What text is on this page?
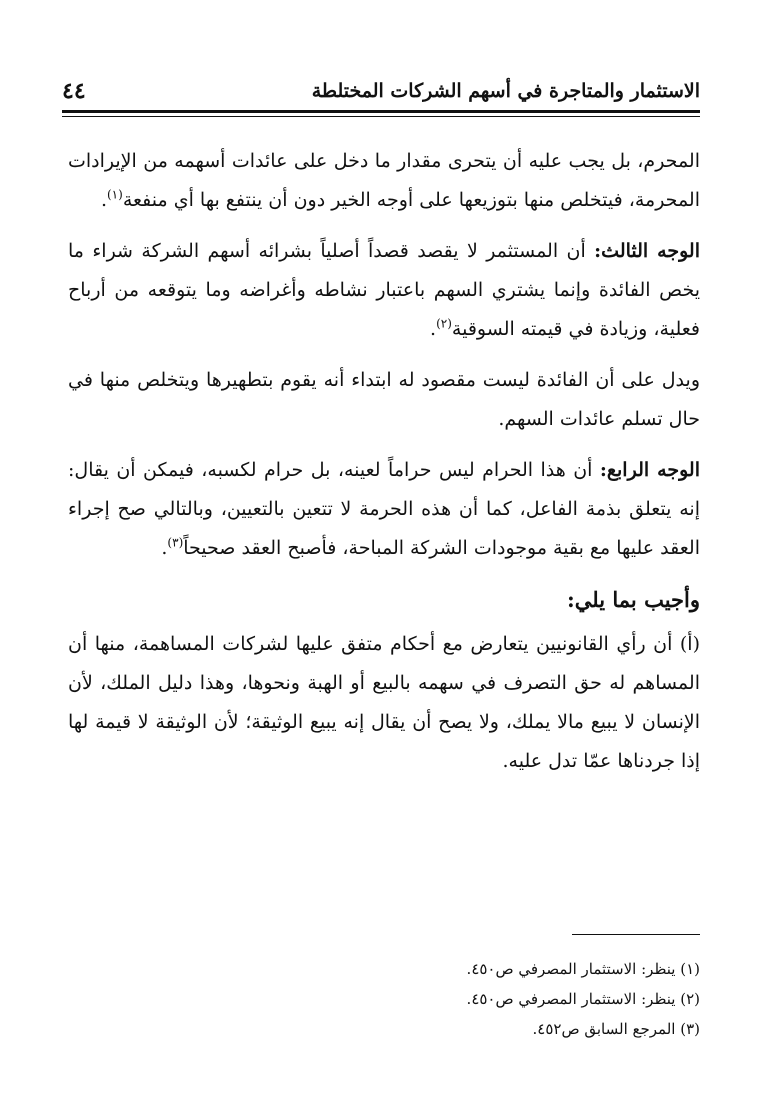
الاستثمار والمتاجرة في أسهم الشركات المختلطة
٤٤

المحرم، بل يجب عليه أن يتحرى مقدار ما دخل على عائدات أسهمه من الإيرادات المحرمة، فيتخلص منها بتوزيعها على أوجه الخير دون أن ينتفع بها أي منفعة$^{(١)}$.

الوجه الثالث: أن المستثمر لا يقصد قصداً أصلياً بشرائه أسهم الشركة شراء ما يخص الفائدة وإنما يشتري السهم باعتبار نشاطه وأغراضه وما يتوقعه من أرباح فعلية، وزيادة في قيمته السوقية$^{(٢)}$.

ويدل على أن الفائدة ليست مقصود له ابتداء أنه يقوم بتطهيرها ويتخلص منها في حال تسلم عائدات السهم.

الوجه الرابع: أن هذا الحرام ليس حراماً لعينه، بل حرام لكسبه، فيمكن أن يقال: إنه يتعلق بذمة الفاعل، كما أن هذه الحرمة لا تتعين بالتعيين، وبالتالي صح إجراء العقد عليها مع بقية موجودات الشركة المباحة، فأصبح العقد صحيحاً$^{(٣)}$.

وأجيب بما يلي:

(أ) أن رأي القانونيين يتعارض مع أحكام متفق عليها لشركات المساهمة، منها أن المساهم له حق التصرف في سهمه بالبيع أو الهبة ونحوها، وهذا دليل الملك، لأن الإنسان لا يبيع مالا يملك، ولا يصح أن يقال إنه يبيع الوثيقة؛ لأن الوثيقة لا قيمة لها إذا جردناها عمّا تدل عليه.

(١) ينظر: الاستثمار المصرفي ص٤٥٠.

(٢) ينظر: الاستثمار المصرفي ص٤٥٠.

(٣) المرجع السابق ص٤٥٢.
